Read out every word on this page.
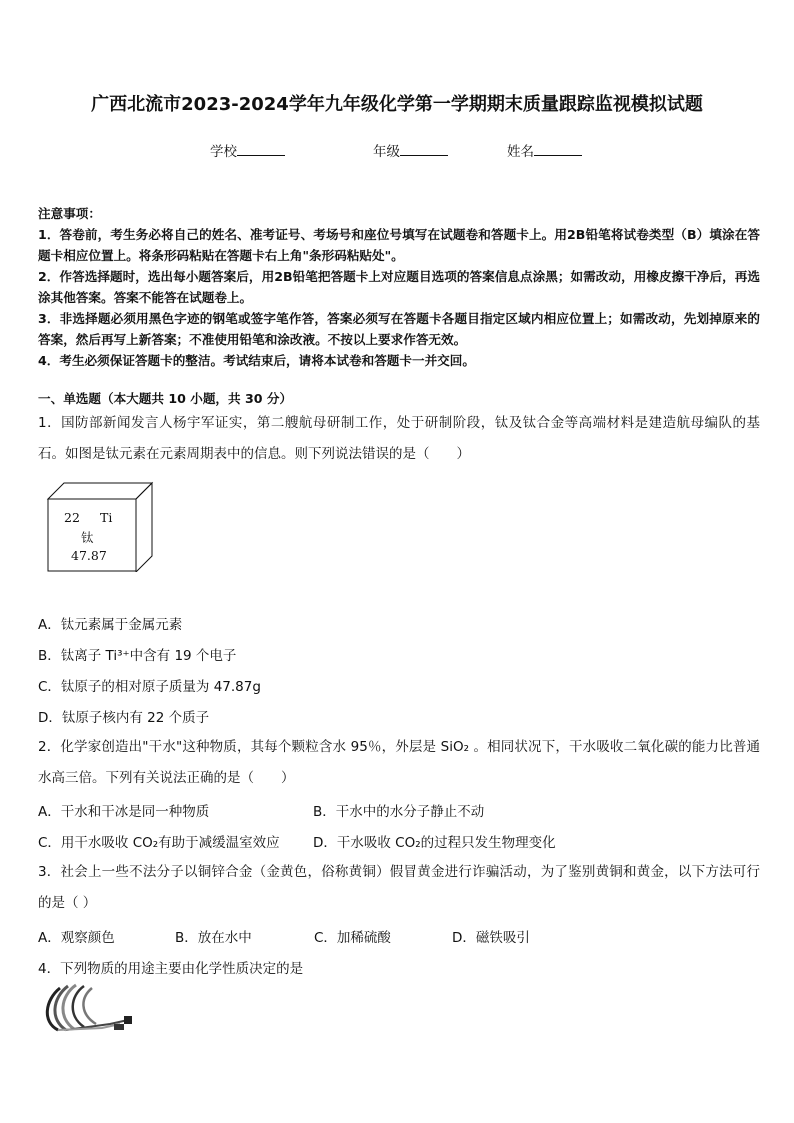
广西北流市2023-2024学年九年级化学第一学期期末质量跟踪监视模拟试题
学校	年级	姓名
注意事项：
1．答卷前，考生务必将自己的姓名、准考证号、考场号和座位号填写在试题卷和答题卡上。用2B铅笔将试卷类型（B）填涂在答题卡相应位置上。将条形码粘贴在答题卡右上角"条形码粘贴处"。
2．作答选择题时，选出每小题答案后，用2B铅笔把答题卡上对应题目选项的答案信息点涂黑；如需改动，用橡皮擦干净后，再选涂其他答案。答案不能答在试题卷上。
3．非选择题必须用黑色字迹的钢笔或签字笔作答，答案必须写在答题卡各题目指定区域内相应位置上；如需改动，先划掉原来的答案，然后再写上新答案；不准使用铅笔和涂改液。不按以上要求作答无效。
4．考生必须保证答题卡的整洁。考试结束后，请将本试卷和答题卡一并交回。
一、单选题（本大题共 10 小题，共 30 分）
1．国防部新闻发言人杨宇军证实，第二艘航母研制工作，处于研制阶段，钛及钛合金等高端材料是建造航母编队的基石。如图是钛元素在元素周期表中的信息。则下列说法错误的是（　　）
22 Ti
钛
47.87
A．钛元素属于金属元素
B．钛离子 Ti³⁺中含有 19 个电子
C．钛原子的相对原子质量为 47.87g
D．钛原子核内有 22 个质子
2．化学家创造出"干水"这种物质，其每个颗粒含水 95％，外层是 SiO₂ 。相同状况下，干水吸收二氧化碳的能力比普通水高三倍。下列有关说法正确的是（　　）
A．干水和干冰是同一种物质	B．干水中的水分子静止不动
C．用干水吸收 CO₂有助于减缓温室效应 D．干水吸收 CO₂的过程只发生物理变化
3．社会上一些不法分子以铜锌合金（金黄色，俗称黄铜）假冒黄金进行诈骗活动，为了鉴别黄铜和黄金，以下方法可行的是（ ）
A．观察颜色	B．放在水中	C．加稀硫酸	D．磁铁吸引
4．下列物质的用途主要由化学性质决定的是
